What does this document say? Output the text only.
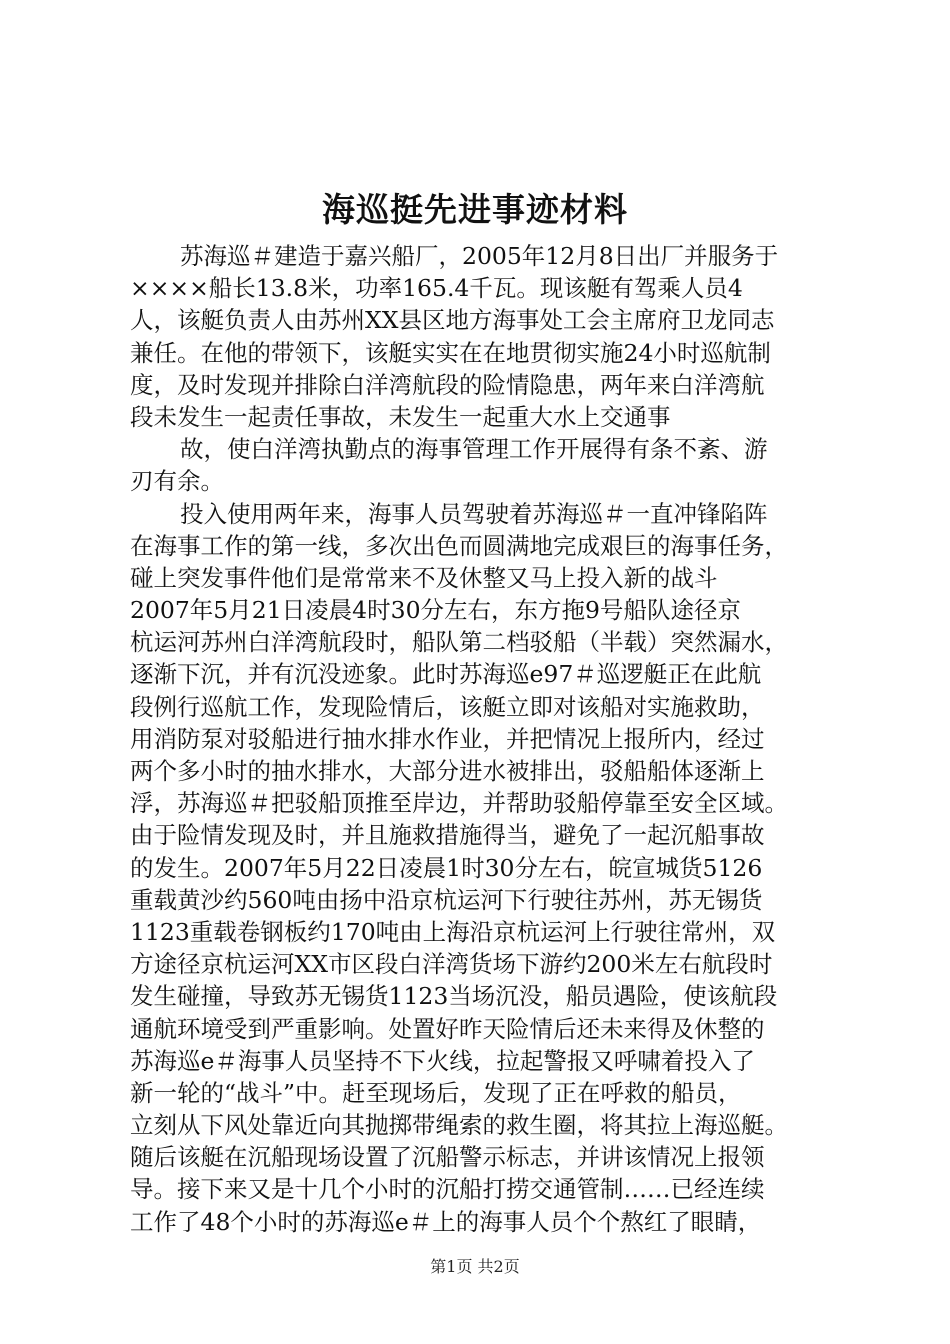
海巡挺先进事迹材料
苏海巡＃建造于嘉兴船厂，2005年12月8日出厂并服务于
××××船长13.8米，功率165.4千瓦。现该艇有驾乘人员4
人，该艇负责人由苏州XX县区地方海事处工会主席府卫龙同志
兼任。在他的带领下，该艇实实在在地贯彻实施24小时巡航制
度，及时发现并排除白洋湾航段的险情隐患，两年来白洋湾航
段未发生一起责任事故，未发生一起重大水上交通事
故，使白洋湾执勤点的海事管理工作开展得有条不紊、游
刃有余。
投入使用两年来，海事人员驾驶着苏海巡＃一直冲锋陷阵
在海事工作的第一线，多次出色而圆满地完成艰巨的海事任务，
碰上突发事件他们是常常来不及休整又马上投入新的战斗
2007年5月21日凌晨4时30分左右，东方拖9号船队途径京
杭运河苏州白洋湾航段时，船队第二档驳船（半载）突然漏水，
逐渐下沉，并有沉没迹象。此时苏海巡e97＃巡逻艇正在此航
段例行巡航工作，发现险情后，该艇立即对该船对实施救助，
用消防泵对驳船进行抽水排水作业，并把情况上报所内，经过
两个多小时的抽水排水，大部分进水被排出，驳船船体逐渐上
浮，苏海巡＃把驳船顶推至岸边，并帮助驳船停靠至安全区域。
由于险情发现及时，并且施救措施得当，避免了一起沉船事故
的发生。2007年5月22日凌晨1时30分左右，皖宣城货5126
重载黄沙约560吨由扬中沿京杭运河下行驶往苏州，苏无锡货
1123重载卷钢板约170吨由上海沿京杭运河上行驶往常州，双
方途径京杭运河XX市区段白洋湾货场下游约200米左右航段时
发生碰撞，导致苏无锡货1123当场沉没，船员遇险，使该航段
通航环境受到严重影响。处置好昨天险情后还未来得及休整的
苏海巡e＃海事人员坚持不下火线，拉起警报又呼啸着投入了
新一轮的“战斗”中。赶至现场后，发现了正在呼救的船员，
立刻从下风处靠近向其抛掷带绳索的救生圈，将其拉上海巡艇。
随后该艇在沉船现场设置了沉船警示标志，并讲该情况上报领
导。接下来又是十几个小时的沉船打捞交通管制……已经连续
工作了48个小时的苏海巡e＃上的海事人员个个熬红了眼睛，
第1页 共2页
